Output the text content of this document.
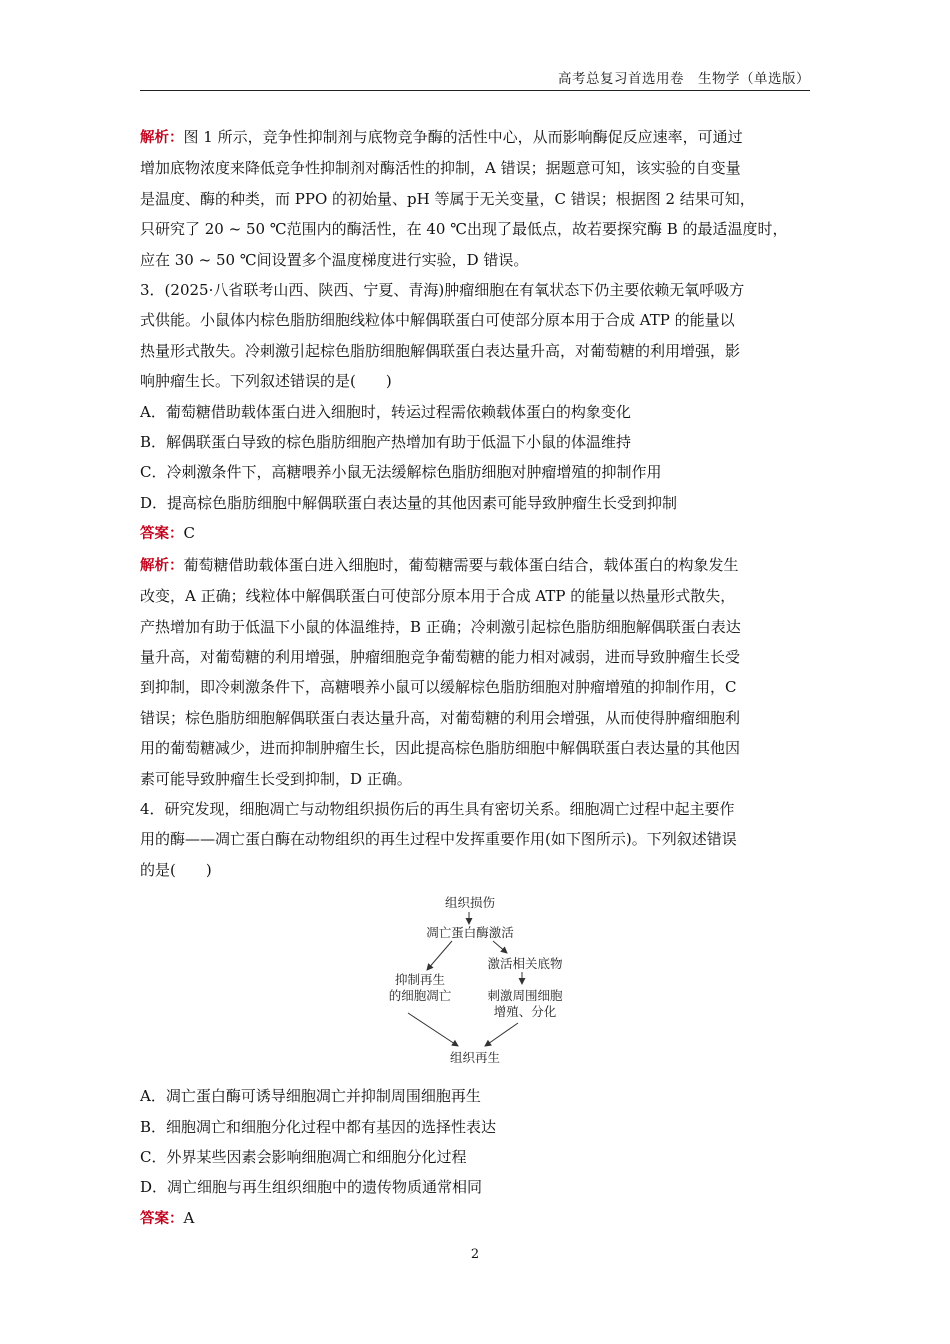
高考总复习首选用卷　生物学（单选版）

解析：图 1 所示，竞争性抑制剂与底物竞争酶的活性中心，从而影响酶促反应速率，可通过

增加底物浓度来降低竞争性抑制剂对酶活性的抑制，A 错误；据题意可知，该实验的自变量

是温度、酶的种类，而 PPO 的初始量、pH 等属于无关变量，C 错误；根据图 2 结果可知，

只研究了 20 ~ 50 ℃范围内的酶活性，在 40 ℃出现了最低点，故若要探究酶 B 的最适温度时，

应在 30 ~ 50 ℃间设置多个温度梯度进行实验，D 错误。

3．(2025·八省联考山西、陕西、宁夏、青海)肿瘤细胞在有氧状态下仍主要依赖无氧呼吸方

式供能。小鼠体内棕色脂肪细胞线粒体中解偶联蛋白可使部分原本用于合成 ATP 的能量以

热量形式散失。冷刺激引起棕色脂肪细胞解偶联蛋白表达量升高，对葡萄糖的利用增强，影

响肿瘤生长。下列叙述错误的是(　　)

A．葡萄糖借助载体蛋白进入细胞时，转运过程需依赖载体蛋白的构象变化

B．解偶联蛋白导致的棕色脂肪细胞产热增加有助于低温下小鼠的体温维持

C．冷刺激条件下，高糖喂养小鼠无法缓解棕色脂肪细胞对肿瘤增殖的抑制作用

D．提高棕色脂肪细胞中解偶联蛋白表达量的其他因素可能导致肿瘤生长受到抑制

答案：C

解析：葡萄糖借助载体蛋白进入细胞时，葡萄糖需要与载体蛋白结合，载体蛋白的构象发生

改变，A 正确；线粒体中解偶联蛋白可使部分原本用于合成 ATP 的能量以热量形式散失，

产热增加有助于低温下小鼠的体温维持，B 正确；冷刺激引起棕色脂肪细胞解偶联蛋白表达

量升高，对葡萄糖的利用增强，肿瘤细胞竞争葡萄糖的能力相对减弱，进而导致肿瘤生长受

到抑制，即冷刺激条件下，高糖喂养小鼠可以缓解棕色脂肪细胞对肿瘤增殖的抑制作用，C

错误；棕色脂肪细胞解偶联蛋白表达量升高，对葡萄糖的利用会增强，从而使得肿瘤细胞利

用的葡萄糖减少，进而抑制肿瘤生长，因此提高棕色脂肪细胞中解偶联蛋白表达量的其他因

素可能导致肿瘤生长受到抑制，D 正确。

4．研究发现，细胞凋亡与动物组织损伤后的再生具有密切关系。细胞凋亡过程中起主要作

用的酶——凋亡蛋白酶在动物组织的再生过程中发挥重要作用(如下图所示)。下列叙述错误

的是(　　)

组织损伤
凋亡蛋白酶激活
激活相关底物
抑制再生
的细胞凋亡	刺激周围细胞
增殖、分化
组织再生

A．凋亡蛋白酶可诱导细胞凋亡并抑制周围细胞再生

B．细胞凋亡和细胞分化过程中都有基因的选择性表达

C．外界某些因素会影响细胞凋亡和细胞分化过程

D．凋亡细胞与再生组织细胞中的遗传物质通常相同

答案：A

2
